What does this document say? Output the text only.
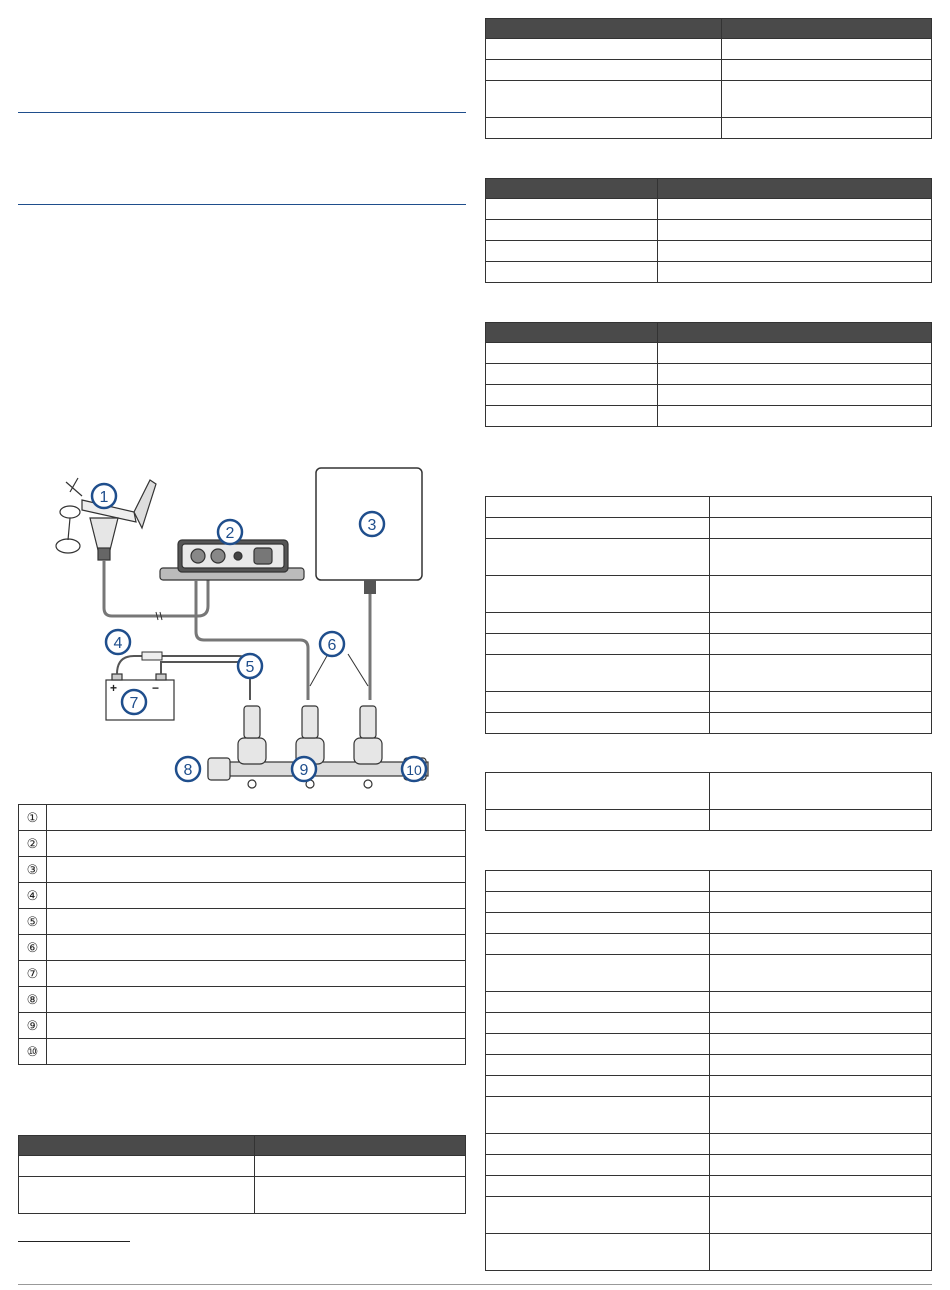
+	−
1
2	3
4
5
6
7
8	9	10
①	
②	
③	
④	
⑤	
⑥	
⑦	
⑧	
⑨	
⑩	
